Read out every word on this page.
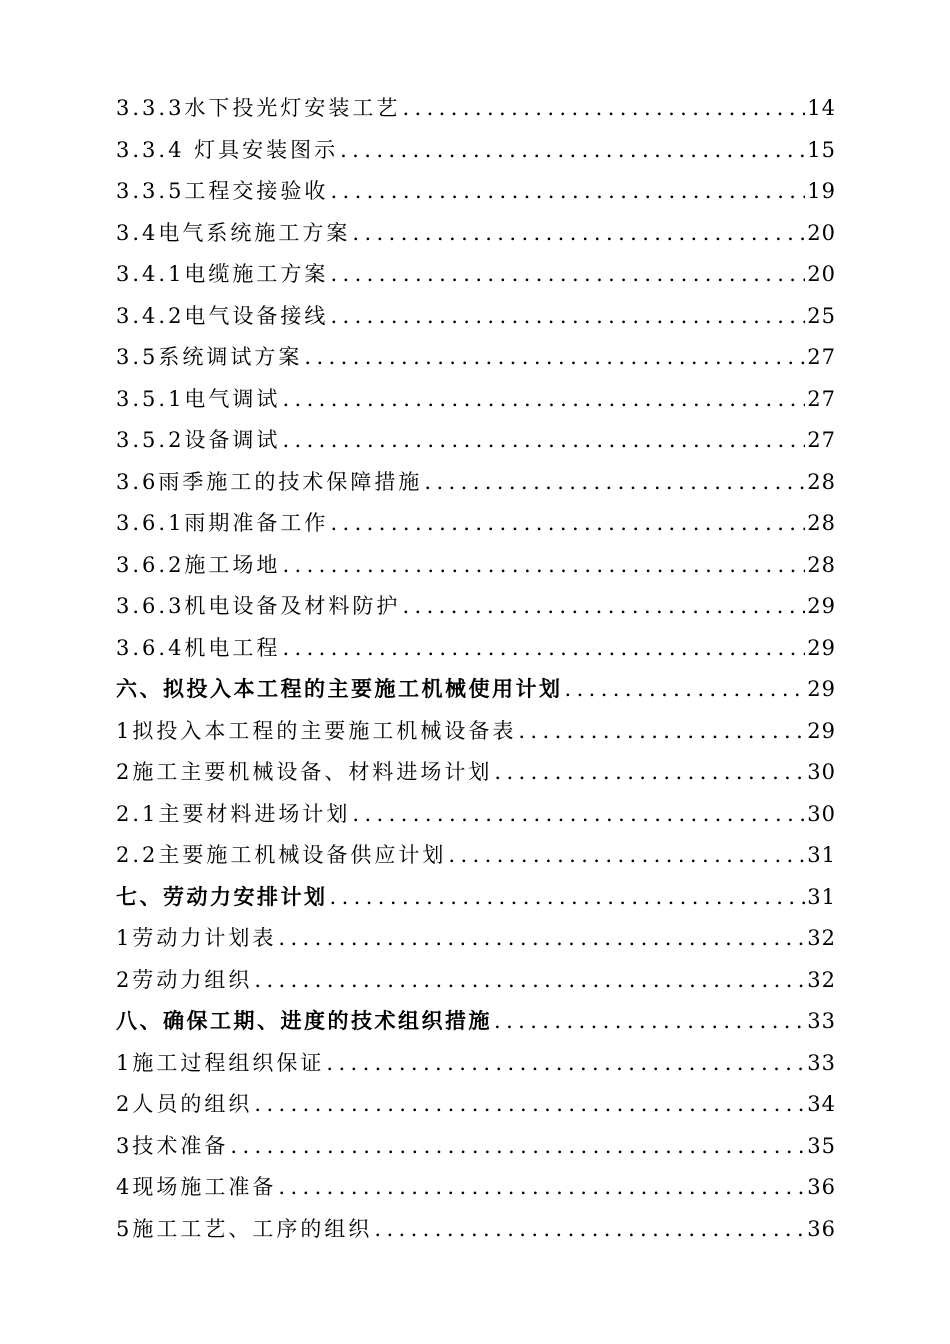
3.3.3水下投光灯安装工艺 .....	14
3.3.4 灯具安装图示 .....	15
3.3.5工程交接验收 .....	19
3.4电气系统施工方案 .....	20
3.4.1电缆施工方案 .....	20
3.4.2电气设备接线 .....	25
3.5系统调试方案 .....	27
3.5.1电气调试 .....	27
3.5.2设备调试 .....	27
3.6雨季施工的技术保障措施 .....	28
3.6.1雨期准备工作 .....	28
3.6.2施工场地 .....	28
3.6.3机电设备及材料防护 .....	29
3.6.4机电工程 .....	29
六、拟投入本工程的主要施工机械使用计划 .....	29
1拟投入本工程的主要施工机械设备表 .....	29
2施工主要机械设备、材料进场计划 .....	30
2.1主要材料进场计划 .....	30
2.2主要施工机械设备供应计划 .....	31
七、劳动力安排计划 .....	31
1劳动力计划表 .....	32
2劳动力组织 .....	32
八、确保工期、进度的技术组织措施 .....	33
1施工过程组织保证 .....	33
2人员的组织 .....	34
3技术准备 .....	35
4现场施工准备 .....	36
5施工工艺、工序的组织 .....	36
